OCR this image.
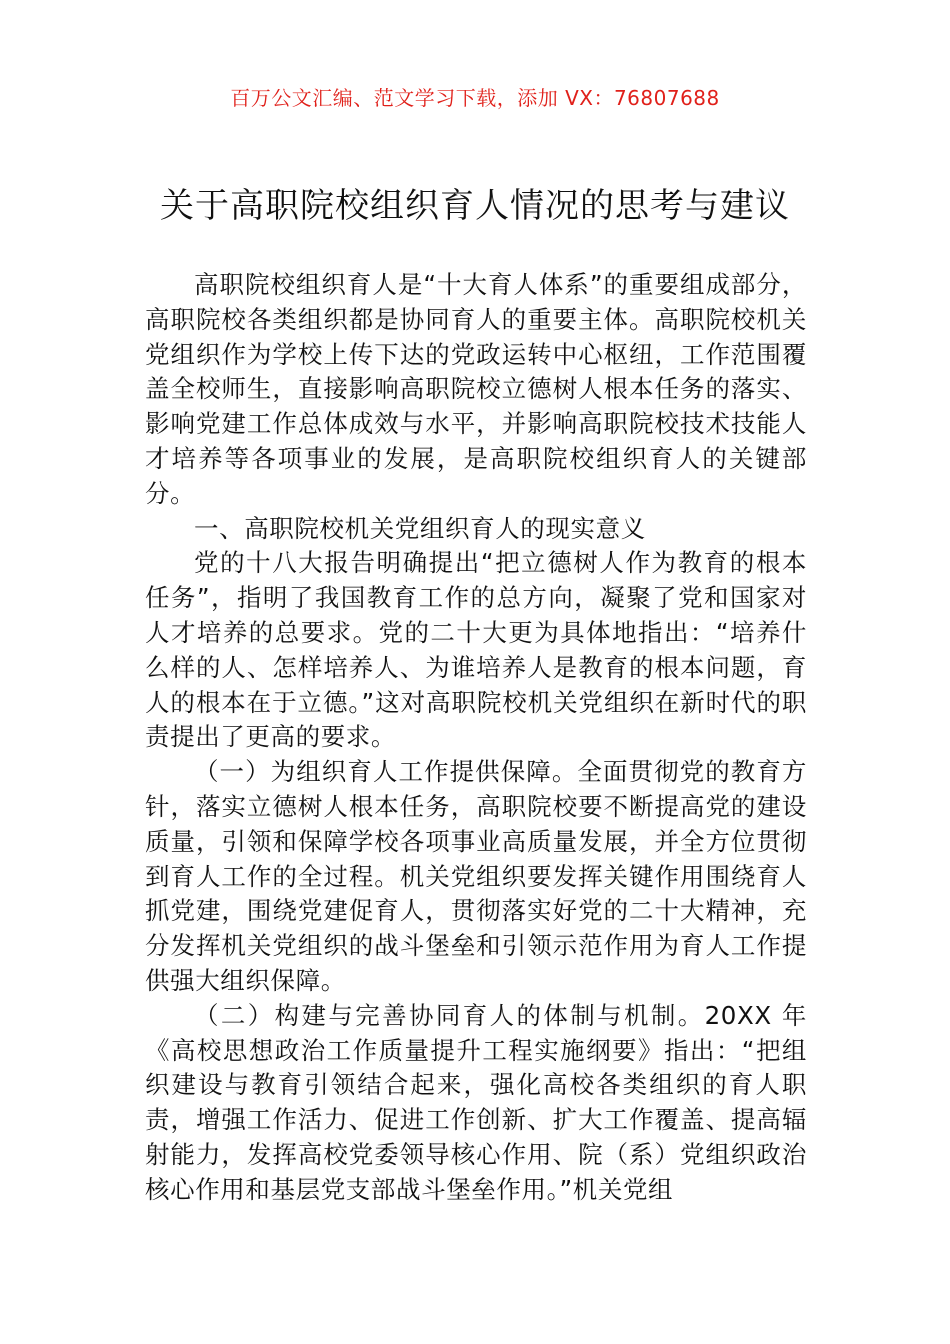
百万公文汇编、范文学习下载，添加 VX：76807688
关于高职院校组织育人情况的思考与建议

高职院校组织育人是“十大育人体系”的重要组成部分，高职院校各类组织都是协同育人的重要主体。高职院校机关党组织作为学校上传下达的党政运转中心枢纽，工作范围覆盖全校师生，直接影响高职院校立德树人根本任务的落实、影响党建工作总体成效与水平，并影响高职院校技术技能人才培养等各项事业的发展，是高职院校组织育人的关键部分。

一、高职院校机关党组织育人的现实意义

党的十八大报告明确提出“把立德树人作为教育的根本任务”，指明了我国教育工作的总方向，凝聚了党和国家对人才培养的总要求。党的二十大更为具体地指出：“培养什么样的人、怎样培养人、为谁培养人是教育的根本问题，育人的根本在于立德。”这对高职院校机关党组织在新时代的职责提出了更高的要求。

（一）为组织育人工作提供保障。全面贯彻党的教育方针，落实立德树人根本任务，高职院校要不断提高党的建设质量，引领和保障学校各项事业高质量发展，并全方位贯彻到育人工作的全过程。机关党组织要发挥关键作用围绕育人抓党建，围绕党建促育人，贯彻落实好党的二十大精神，充分发挥机关党组织的战斗堡垒和引领示范作用为育人工作提供强大组织保障。

（二）构建与完善协同育人的体制与机制。20XX 年《高校思想政治工作质量提升工程实施纲要》指出：“把组织建设与教育引领结合起来，强化高校各类组织的育人职责，增强工作活力、促进工作创新、扩大工作覆盖、提高辐射能力，发挥高校党委领导核心作用、院（系）党组织政治核心作用和基层党支部战斗堡垒作用。”机关党组
